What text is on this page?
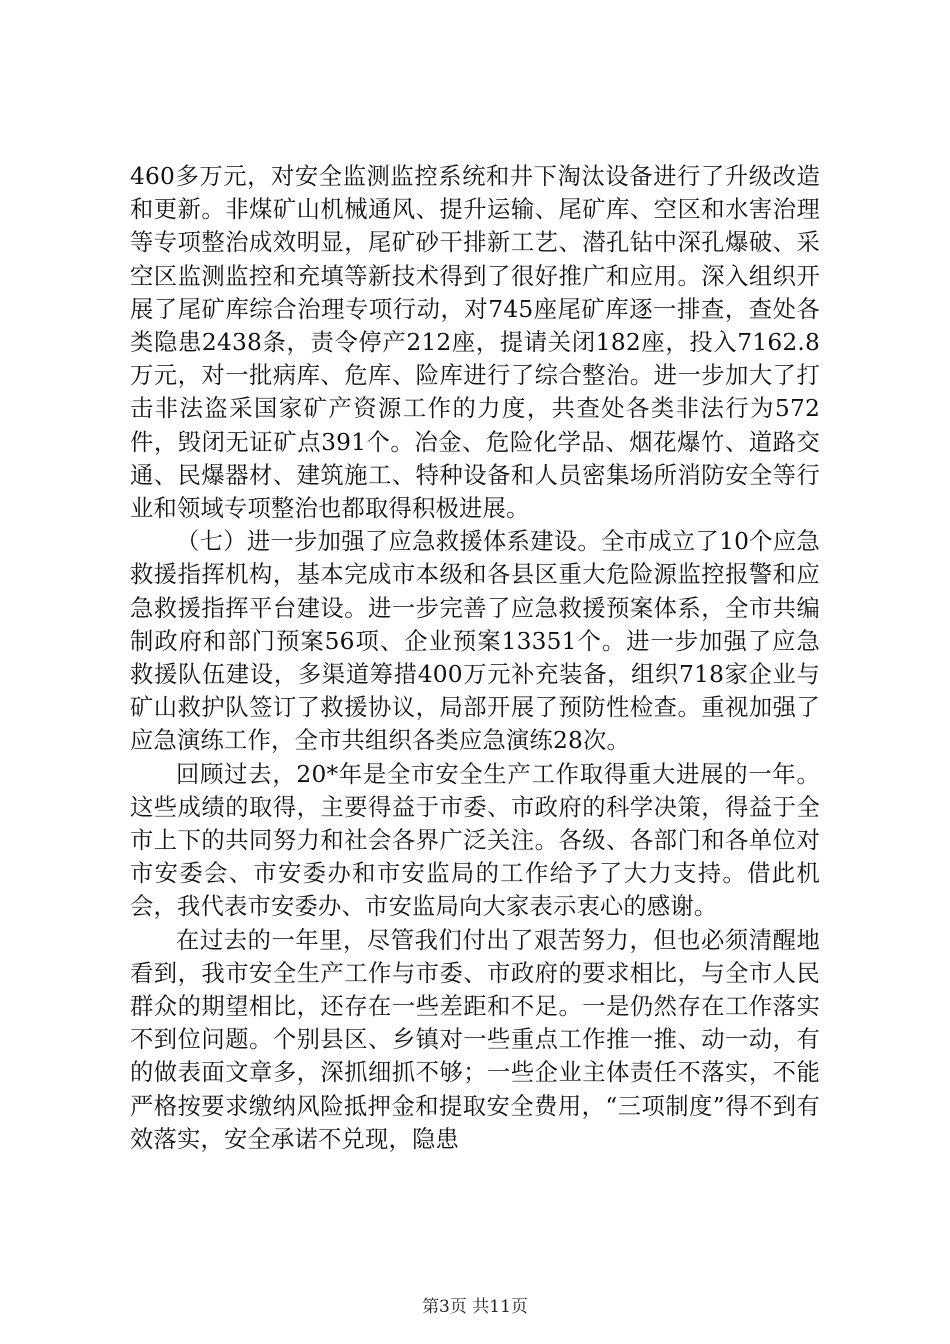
460多万元，对安全监测监控系统和井下淘汰设备进行了升级改造和更新。非煤矿山机械通风、提升运输、尾矿库、空区和水害治理等专项整治成效明显，尾矿砂干排新工艺、潜孔钻中深孔爆破、采空区监测监控和充填等新技术得到了很好推广和应用。深入组织开展了尾矿库综合治理专项行动，对745座尾矿库逐一排查，查处各类隐患2438条，责令停产212座，提请关闭182座，投入7162.8万元，对一批病库、危库、险库进行了综合整治。进一步加大了打击非法盗采国家矿产资源工作的力度，共查处各类非法行为572件，毁闭无证矿点391个。冶金、危险化学品、烟花爆竹、道路交通、民爆器材、建筑施工、特种设备和人员密集场所消防安全等行业和领域专项整治也都取得积极进展。

（七）进一步加强了应急救援体系建设。全市成立了10个应急救援指挥机构，基本完成市本级和各县区重大危险源监控报警和应急救援指挥平台建设。进一步完善了应急救援预案体系，全市共编制政府和部门预案56项、企业预案13351个。进一步加强了应急救援队伍建设，多渠道筹措400万元补充装备，组织718家企业与矿山救护队签订了救援协议，局部开展了预防性检查。重视加强了应急演练工作，全市共组织各类应急演练28次。

回顾过去，20*年是全市安全生产工作取得重大进展的一年。这些成绩的取得，主要得益于市委、市政府的科学决策，得益于全市上下的共同努力和社会各界广泛关注。各级、各部门和各单位对市安委会、市安委办和市安监局的工作给予了大力支持。借此机会，我代表市安委办、市安监局向大家表示衷心的感谢。

在过去的一年里，尽管我们付出了艰苦努力，但也必须清醒地看到，我市安全生产工作与市委、市政府的要求相比，与全市人民群众的期望相比，还存在一些差距和不足。一是仍然存在工作落实不到位问题。个别县区、乡镇对一些重点工作推一推、动一动，有的做表面文章多，深抓细抓不够；一些企业主体责任不落实，不能严格按要求缴纳风险抵押金和提取安全费用，“三项制度”得不到有效落实，安全承诺不兑现，隐患

第3页 共11页
